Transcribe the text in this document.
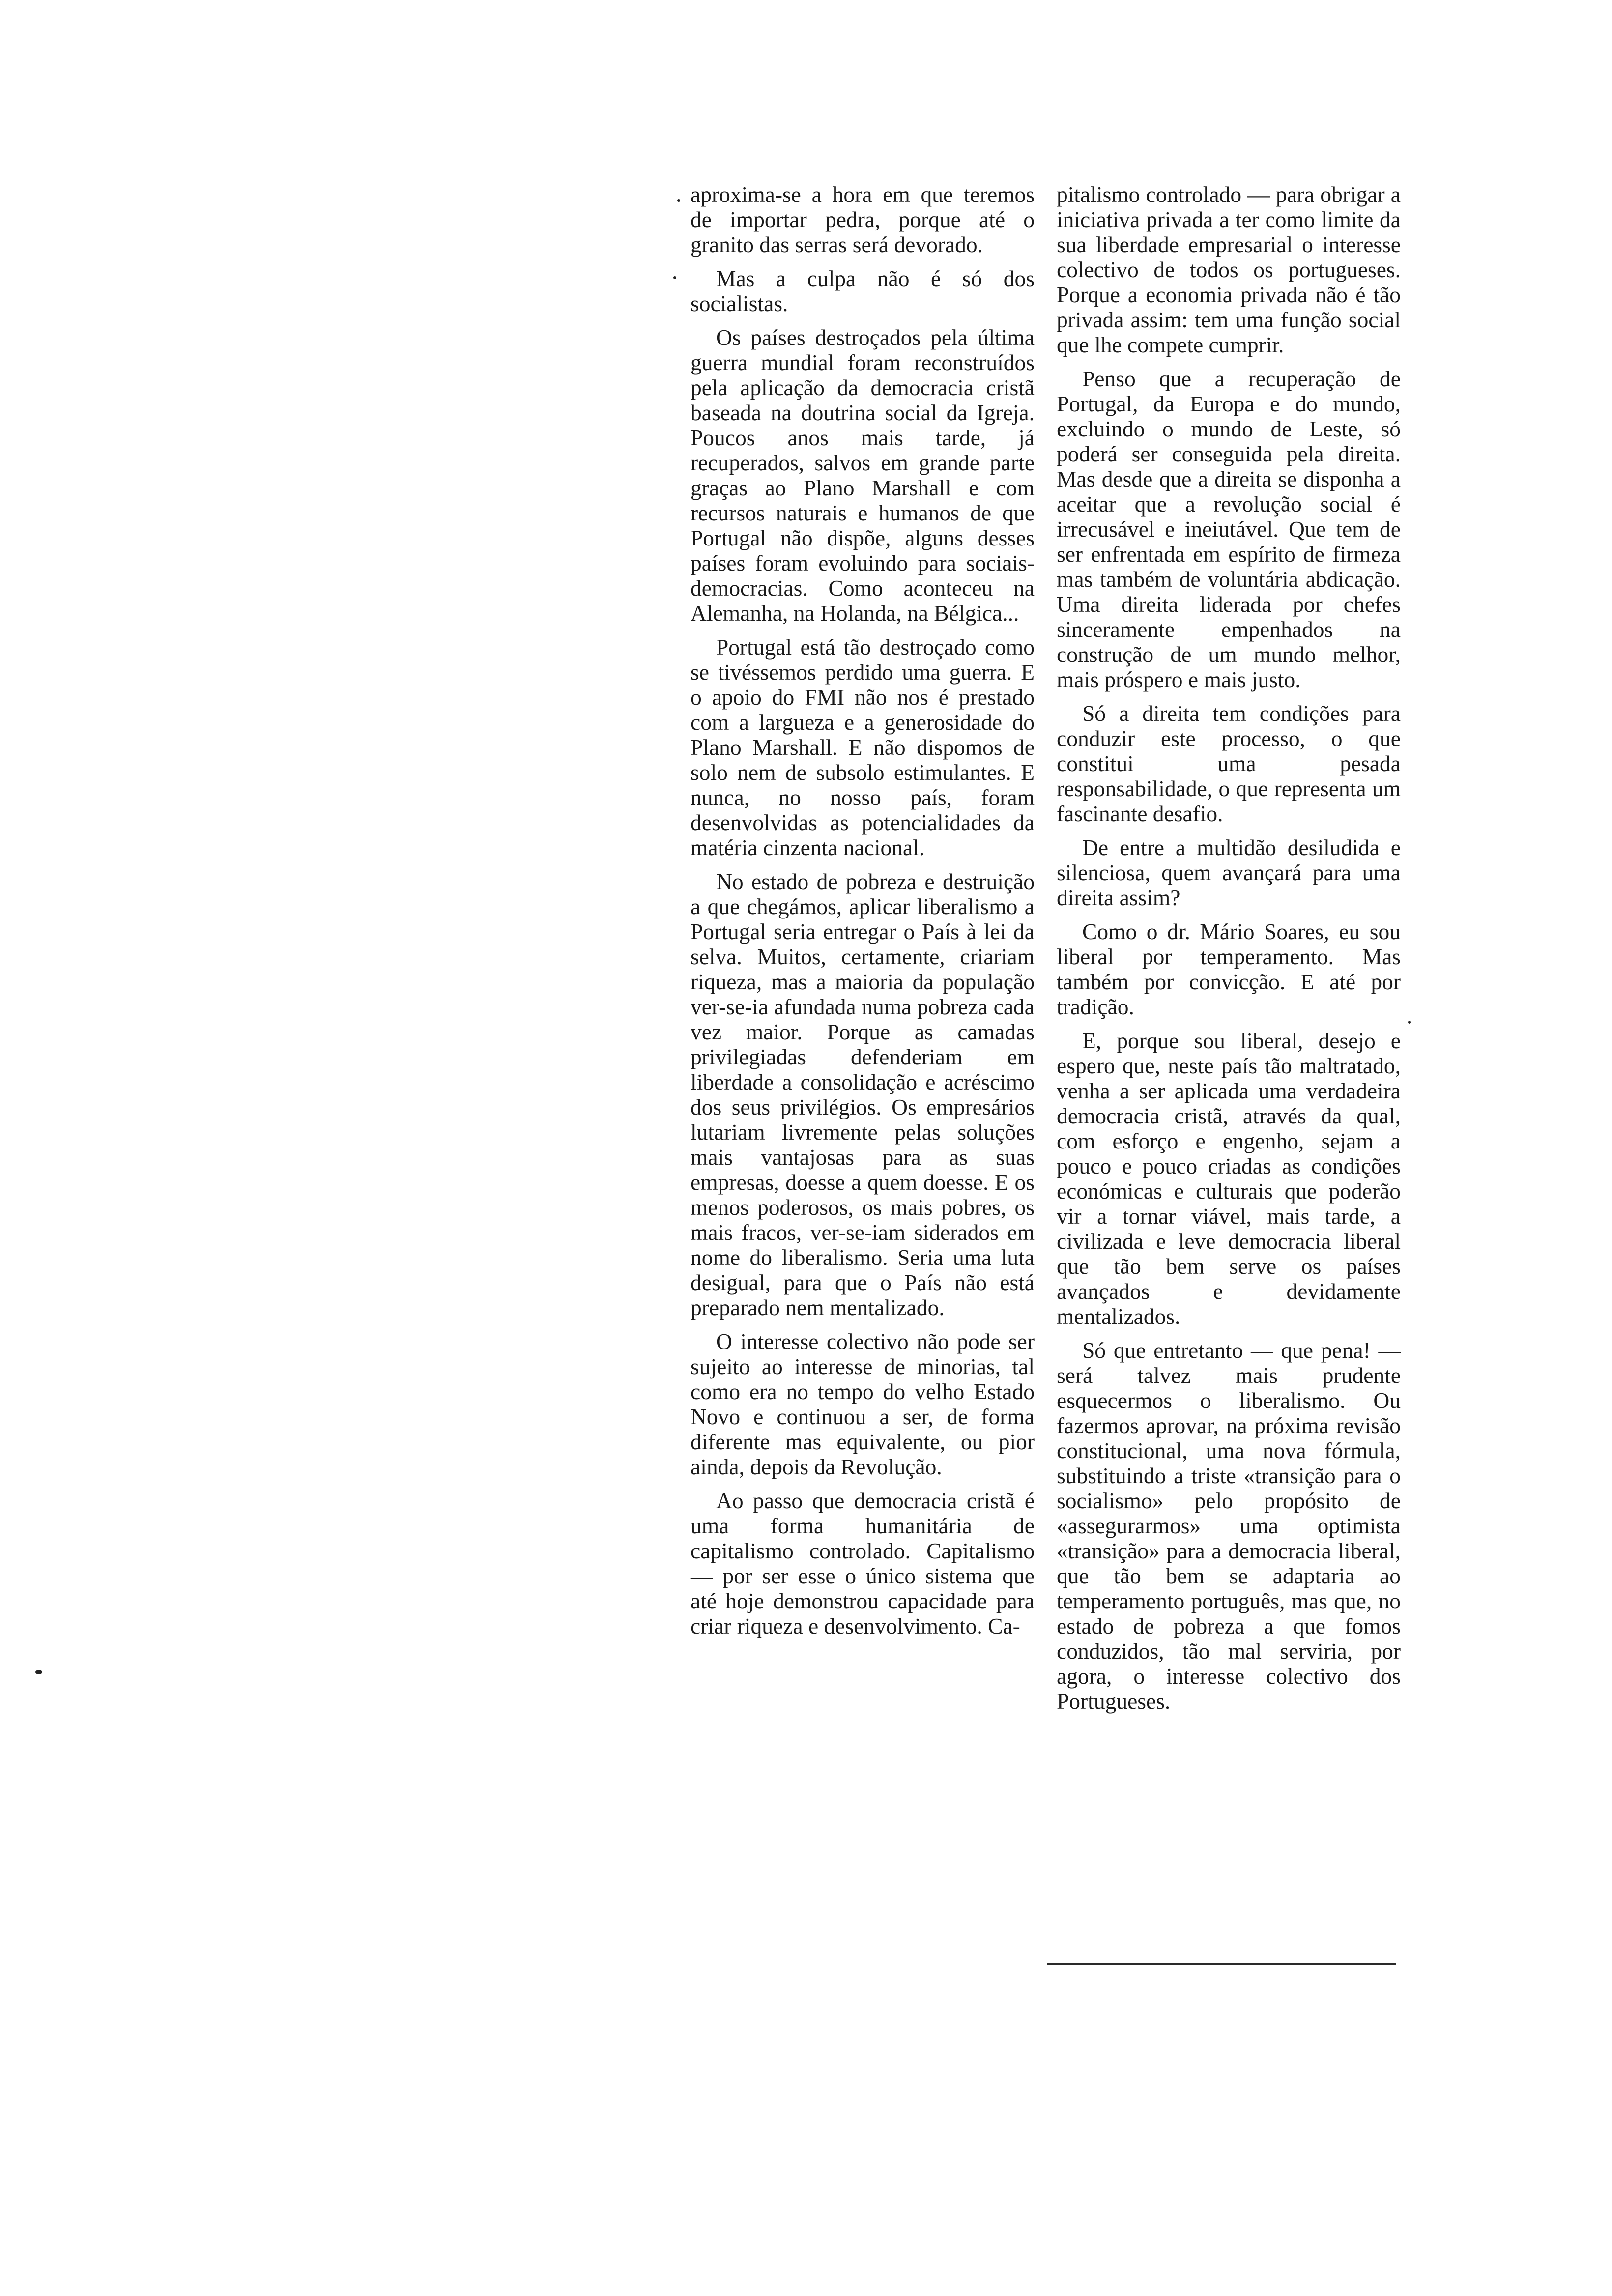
aproxima-se a hora em que teremos de importar pedra, porque até o granito das serras será devorado.

Mas a culpa não é só dos socialistas.

Os países destroçados pela última guerra mundial foram reconstruídos pela aplicação da democracia cristã baseada na doutrina social da Igreja. Poucos anos mais tarde, já recuperados, salvos em grande parte graças ao Plano Marshall e com recursos naturais e humanos de que Portugal não dispõe, alguns desses países foram evoluindo para sociais-democracias. Como aconteceu na Alemanha, na Holanda, na Bélgica...

Portugal está tão destroçado como se tivéssemos perdido uma guerra. E o apoio do FMI não nos é prestado com a largueza e a generosidade do Plano Marshall. E não dispomos de solo nem de subsolo estimulantes. E nunca, no nosso país, foram desenvolvidas as potencialidades da matéria cinzenta nacional.

No estado de pobreza e destruição a que chegámos, aplicar liberalismo a Portugal seria entregar o País à lei da selva. Muitos, certamente, criariam riqueza, mas a maioria da população ver-se-ia afundada numa pobreza cada vez maior. Porque as camadas privilegiadas defenderiam em liberdade a consolidação e acréscimo dos seus privilégios. Os empresários lutariam livremente pelas soluções mais vantajosas para as suas empresas, doesse a quem doesse. E os menos poderosos, os mais pobres, os mais fracos, ver-se-iam siderados em nome do liberalismo. Seria uma luta desigual, para que o País não está preparado nem mentalizado.

O interesse colectivo não pode ser sujeito ao interesse de minorias, tal como era no tempo do velho Estado Novo e continuou a ser, de forma diferente mas equivalente, ou pior ainda, depois da Revolução.

Ao passo que democracia cristã é uma forma humanitária de capitalismo controlado. Capitalismo — por ser esse o único sistema que até hoje demonstrou capacidade para criar riqueza e desenvolvimento. Ca-

pitalismo controlado — para obrigar a iniciativa privada a ter como limite da sua liberdade empresarial o interesse colectivo de todos os portugueses. Porque a economia privada não é tão privada assim: tem uma função social que lhe compete cumprir.

Penso que a recuperação de Portugal, da Europa e do mundo, excluindo o mundo de Leste, só poderá ser conseguida pela direita. Mas desde que a direita se disponha a aceitar que a revolução social é irrecusável e ineiutável. Que tem de ser enfrentada em espírito de firmeza mas também de voluntária abdicação. Uma direita liderada por chefes sinceramente empenhados na construção de um mundo melhor, mais próspero e mais justo.

Só a direita tem condições para conduzir este processo, o que constitui uma pesada responsabilidade, o que representa um fascinante desafio.

De entre a multidão desiludida e silenciosa, quem avançará para uma direita assim?

Como o dr. Mário Soares, eu sou liberal por temperamento. Mas também por convicção. E até por tradição.

E, porque sou liberal, desejo e espero que, neste país tão maltratado, venha a ser aplicada uma verdadeira democracia cristã, através da qual, com esforço e engenho, sejam a pouco e pouco criadas as condições económicas e culturais que poderão vir a tornar viável, mais tarde, a civilizada e leve democracia liberal que tão bem serve os países avançados e devidamente mentalizados.

Só que entretanto — que pena! — será talvez mais prudente esquecermos o liberalismo. Ou fazermos aprovar, na próxima revisão constitucional, uma nova fórmula, substituindo a triste «transição para o socialismo» pelo propósito de «assegurarmos» uma optimista «transição» para a democracia liberal, que tão bem se adaptaria ao temperamento português, mas que, no estado de pobreza a que fomos conduzidos, tão mal serviria, por agora, o interesse colectivo dos Portugueses.
